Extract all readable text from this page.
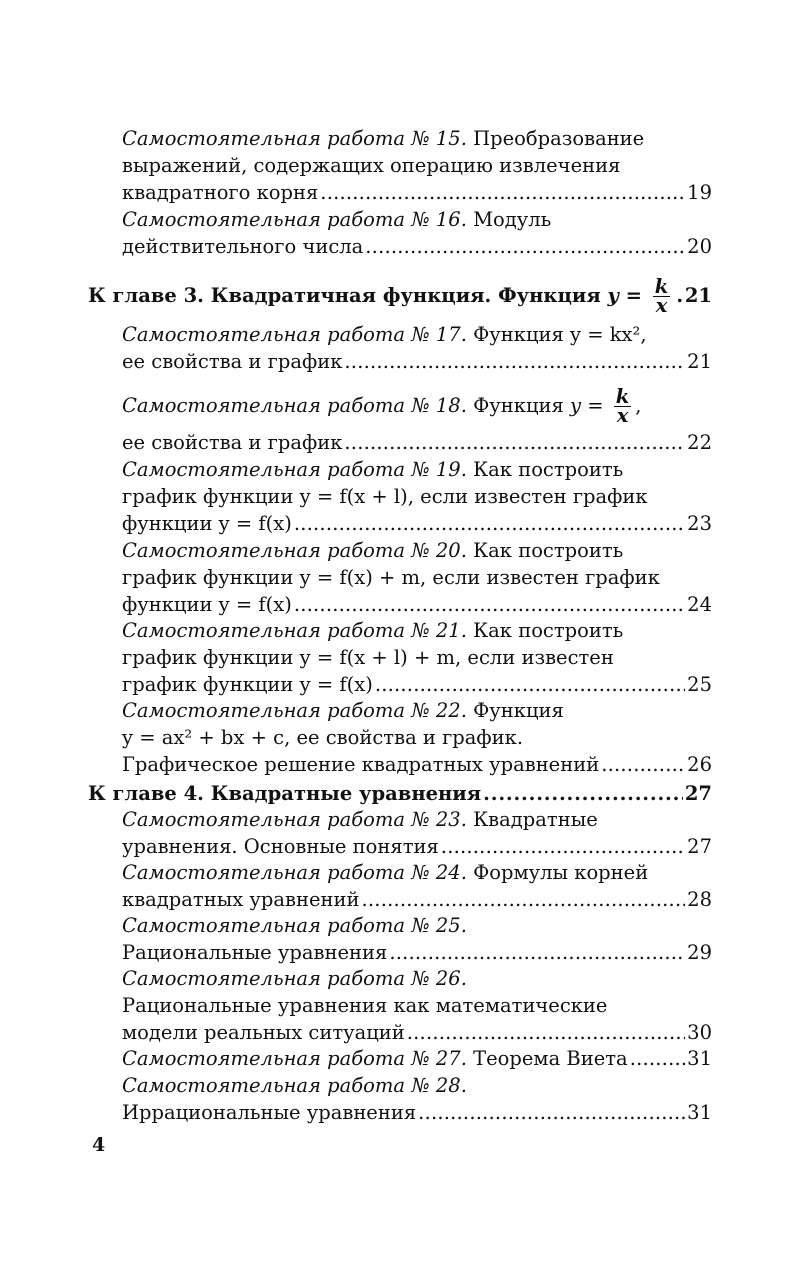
Самостоятельная работа № 15. Преобразование
выражений, содержащих операцию извлечения
квадратного корня . . .	19
Самостоятельная работа № 16. Модуль
действительного числа . . .	20
К главе 3. Квадратичная функция. Функция $y = \frac{k}{x}$ . . . 21
Самостоятельная работа № 17. Функция y = kx²,
ее свойства и график . . .	21
Самостоятельная работа № 18. Функция $y = \frac{k}{x}$ ,
ее свойства и график . . .	22
Самостоятельная работа № 19. Как построить
график функции y = f(x + l), если известен график
функции y = f(x) . . .	23
Самостоятельная работа № 20. Как построить
график функции y = f(x) + m, если известен график
функции y = f(x) . . .	24
Самостоятельная работа № 21. Как построить
график функции y = f(x + l) + m, если известен
график функции y = f(x) . . .	25
Самостоятельная работа № 22. Функция
y = ax² + bx + c, ее свойства и график.
Графическое решение квадратных уравнений . . .	26
К главе 4. Квадратные уравнения . . .	27
Самостоятельная работа № 23. Квадратные
уравнения. Основные понятия . . .	27
Самостоятельная работа № 24. Формулы корней
квадратных уравнений . . .	28
Самостоятельная работа № 25.
Рациональные уравнения . . .	29
Самостоятельная работа № 26.
Рациональные уравнения как математические
модели реальных ситуаций . . .	30
Самостоятельная работа № 27. Теорема Виета . . .	31
Самостоятельная работа № 28.
Иррациональные уравнения . . .	31
4
